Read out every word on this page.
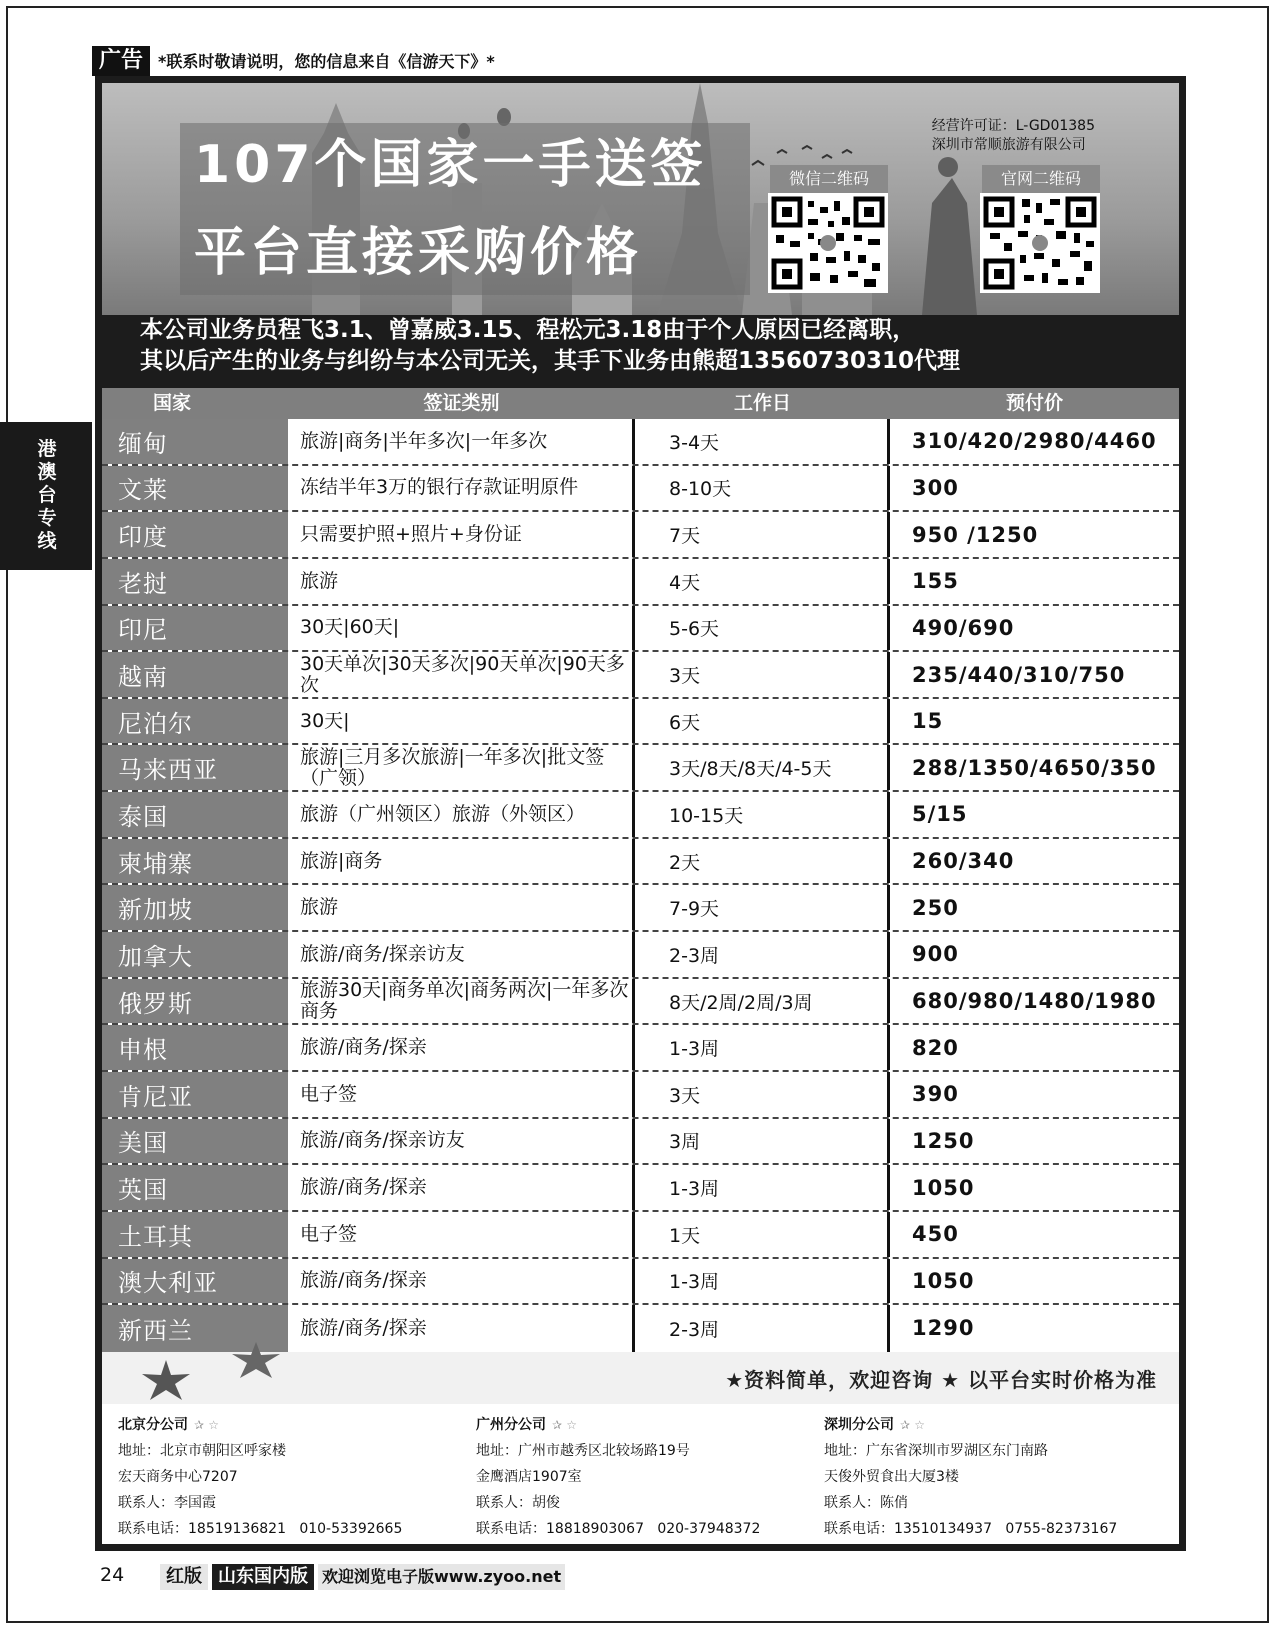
广告 *联系时敬请说明，您的信息来自《信游天下》*
港
澳
台
专
线
107个国家一手送签
平台直接采购价格
经营许可证：L-GD01385
深圳市常顺旅游有限公司
微信二维码	官网二维码
本公司业务员程飞3.1、曾嘉威3.15、程松元3.18由于个人原因已经离职，
其以后产生的业务与纠纷与本公司无关，其手下业务由熊超13560730310代理
国家	签证类别	工作日	预付价
缅甸	旅游|商务|半年多次|一年多次	3-4天	310/420/2980/4460
文莱	冻结半年3万的银行存款证明原件	8-10天	300
印度	只需要护照+照片+身份证	7天	950 /1250
老挝	旅游	4天	155
印尼	30天|60天|	5-6天	490/690
越南	30天单次|30天多次|90天单次|90天多次	3天	235/440/310/750
尼泊尔	30天|	6天	15
马来西亚	旅游|三月多次旅游|一年多次|批文签（广领）	3天/8天/8天/4-5天	288/1350/4650/350
泰国	旅游（广州领区）旅游（外领区）	10-15天	5/15
柬埔寨	旅游|商务	2天	260/340
新加坡	旅游	7-9天	250
加拿大	旅游/商务/探亲访友	2-3周	900
俄罗斯	旅游30天|商务单次|商务两次|一年多次商务	8天/2周/2周/3周	680/980/1480/1980
申根	旅游/商务/探亲	1-3周	820
肯尼亚	电子签	3天	390
美国	旅游/商务/探亲访友	3周	1250
英国	旅游/商务/探亲	1-3周	1050
土耳其	电子签	1天	450
澳大利亚	旅游/商务/探亲	1-3周	1050
新西兰	旅游/商务/探亲	2-3周	1290
★资料简单，欢迎咨询 ★ 以平台实时价格为准
北京分公司 ✰ ☆
地址：北京市朝阳区呼家楼
宏天商务中心7207
联系人：李国霞
联系电话：18519136821   010-53392665
广州分公司 ✰ ☆
地址：广州市越秀区北较场路19号
金鹰酒店1907室
联系人：胡俊
联系电话：18818903067   020-37948372
深圳分公司 ✰ ☆
地址：广东省深圳市罗湖区东门南路
天俊外贸食出大厦3楼
联系人：陈俏
联系电话：13510134937   0755-82373167
24	红版 山东国内版 欢迎浏览电子版www.zyoo.net
